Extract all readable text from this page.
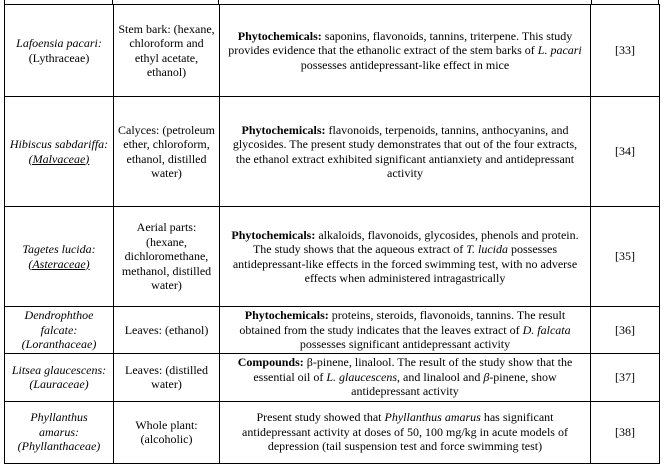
Lafoensia pacari: (Lythraceae)	Stem bark: (hexane, chloroform and ethyl acetate, ethanol)	Phytochemicals: saponins, flavonoids, tannins, triterpene. This study provides evidence that the ethanolic extract of the stem barks of L. pacari possesses antidepressant-like effect in mice	[33]
Hibiscus sabdariffa: (Malvaceae)	Calyces: (petroleum ether, chloroform, ethanol, distilled water)	Phytochemicals: flavonoids, terpenoids, tannins, anthocyanins, and glycosides. The present study demonstrates that out of the four extracts, the ethanol extract exhibited significant antianxiety and antidepressant activity	[34]
Tagetes lucida: (Asteraceae)	Aerial parts: (hexane, dichloromethane, methanol, distilled water)	Phytochemicals: alkaloids, flavonoids, glycosides, phenols and protein. The study shows that the aqueous extract of T. lucida possesses antidepressant-like effects in the forced swimming test, with no adverse effects when administered intragastrically	[35]
Dendrophthoe falcate: (Loranthaceae)	Leaves: (ethanol)	Phytochemicals: proteins, steroids, flavonoids, tannins. The result obtained from the study indicates that the leaves extract of D. falcata possesses significant antidepressant activity	[36]
Litsea glaucescens: (Lauraceae)	Leaves: (distilled water)	Compounds: β-pinene, linalool. The result of the study show that the essential oil of L. glaucescens, and linalool and β-pinene, show antidepressant activity	[37]
Phyllanthus amarus: (Phyllanthaceae)	Whole plant: (alcoholic)	Present study showed that Phyllanthus amarus has significant antidepressant activity at doses of 50, 100 mg/kg in acute models of depression (tail suspension test and force swimming test)	[38]
